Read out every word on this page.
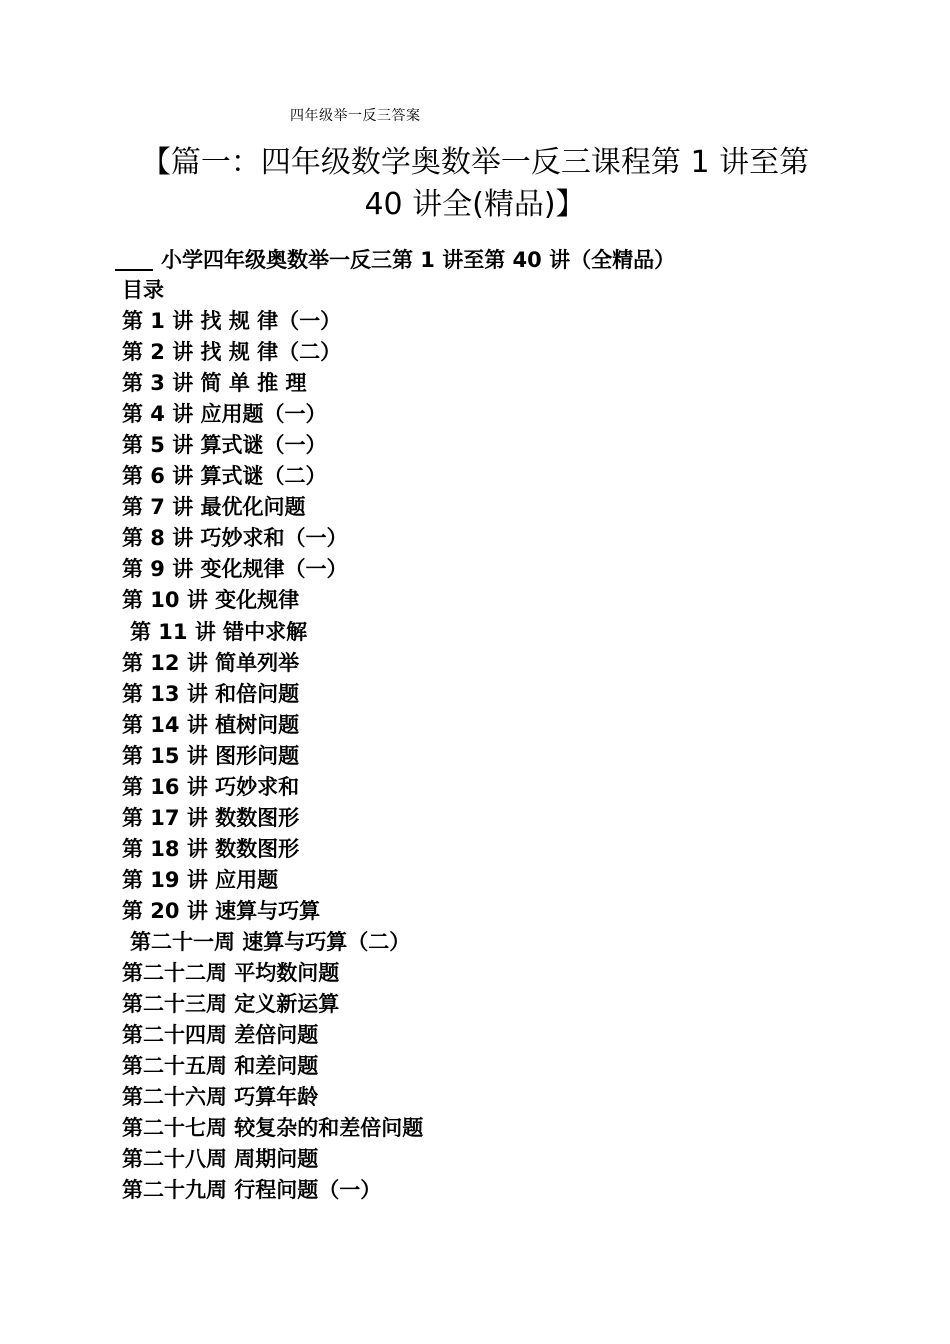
四年级举一反三答案
【篇一：四年级数学奥数举一反三课程第 1 讲至第 40 讲全(精品)】
小学四年级奥数举一反三第 1 讲至第 40 讲（全精品）
目录
第 1 讲 找 规 律（一）
第 2 讲 找 规 律（二）
第 3 讲 简 单 推 理
第 4 讲 应用题（一）
第 5 讲 算式谜（一）
第 6 讲 算式谜（二）
第 7 讲 最优化问题
第 8 讲 巧妙求和（一）
第 9 讲 变化规律（一）
第 10 讲 变化规律
第 11 讲 错中求解
第 12 讲 简单列举
第 13 讲 和倍问题
第 14 讲 植树问题
第 15 讲 图形问题
第 16 讲 巧妙求和
第 17 讲 数数图形
第 18 讲 数数图形
第 19 讲 应用题
第 20 讲 速算与巧算
第二十一周 速算与巧算（二）
第二十二周 平均数问题
第二十三周 定义新运算
第二十四周 差倍问题
第二十五周 和差问题
第二十六周 巧算年龄
第二十七周 较复杂的和差倍问题
第二十八周 周期问题
第二十九周 行程问题（一）
